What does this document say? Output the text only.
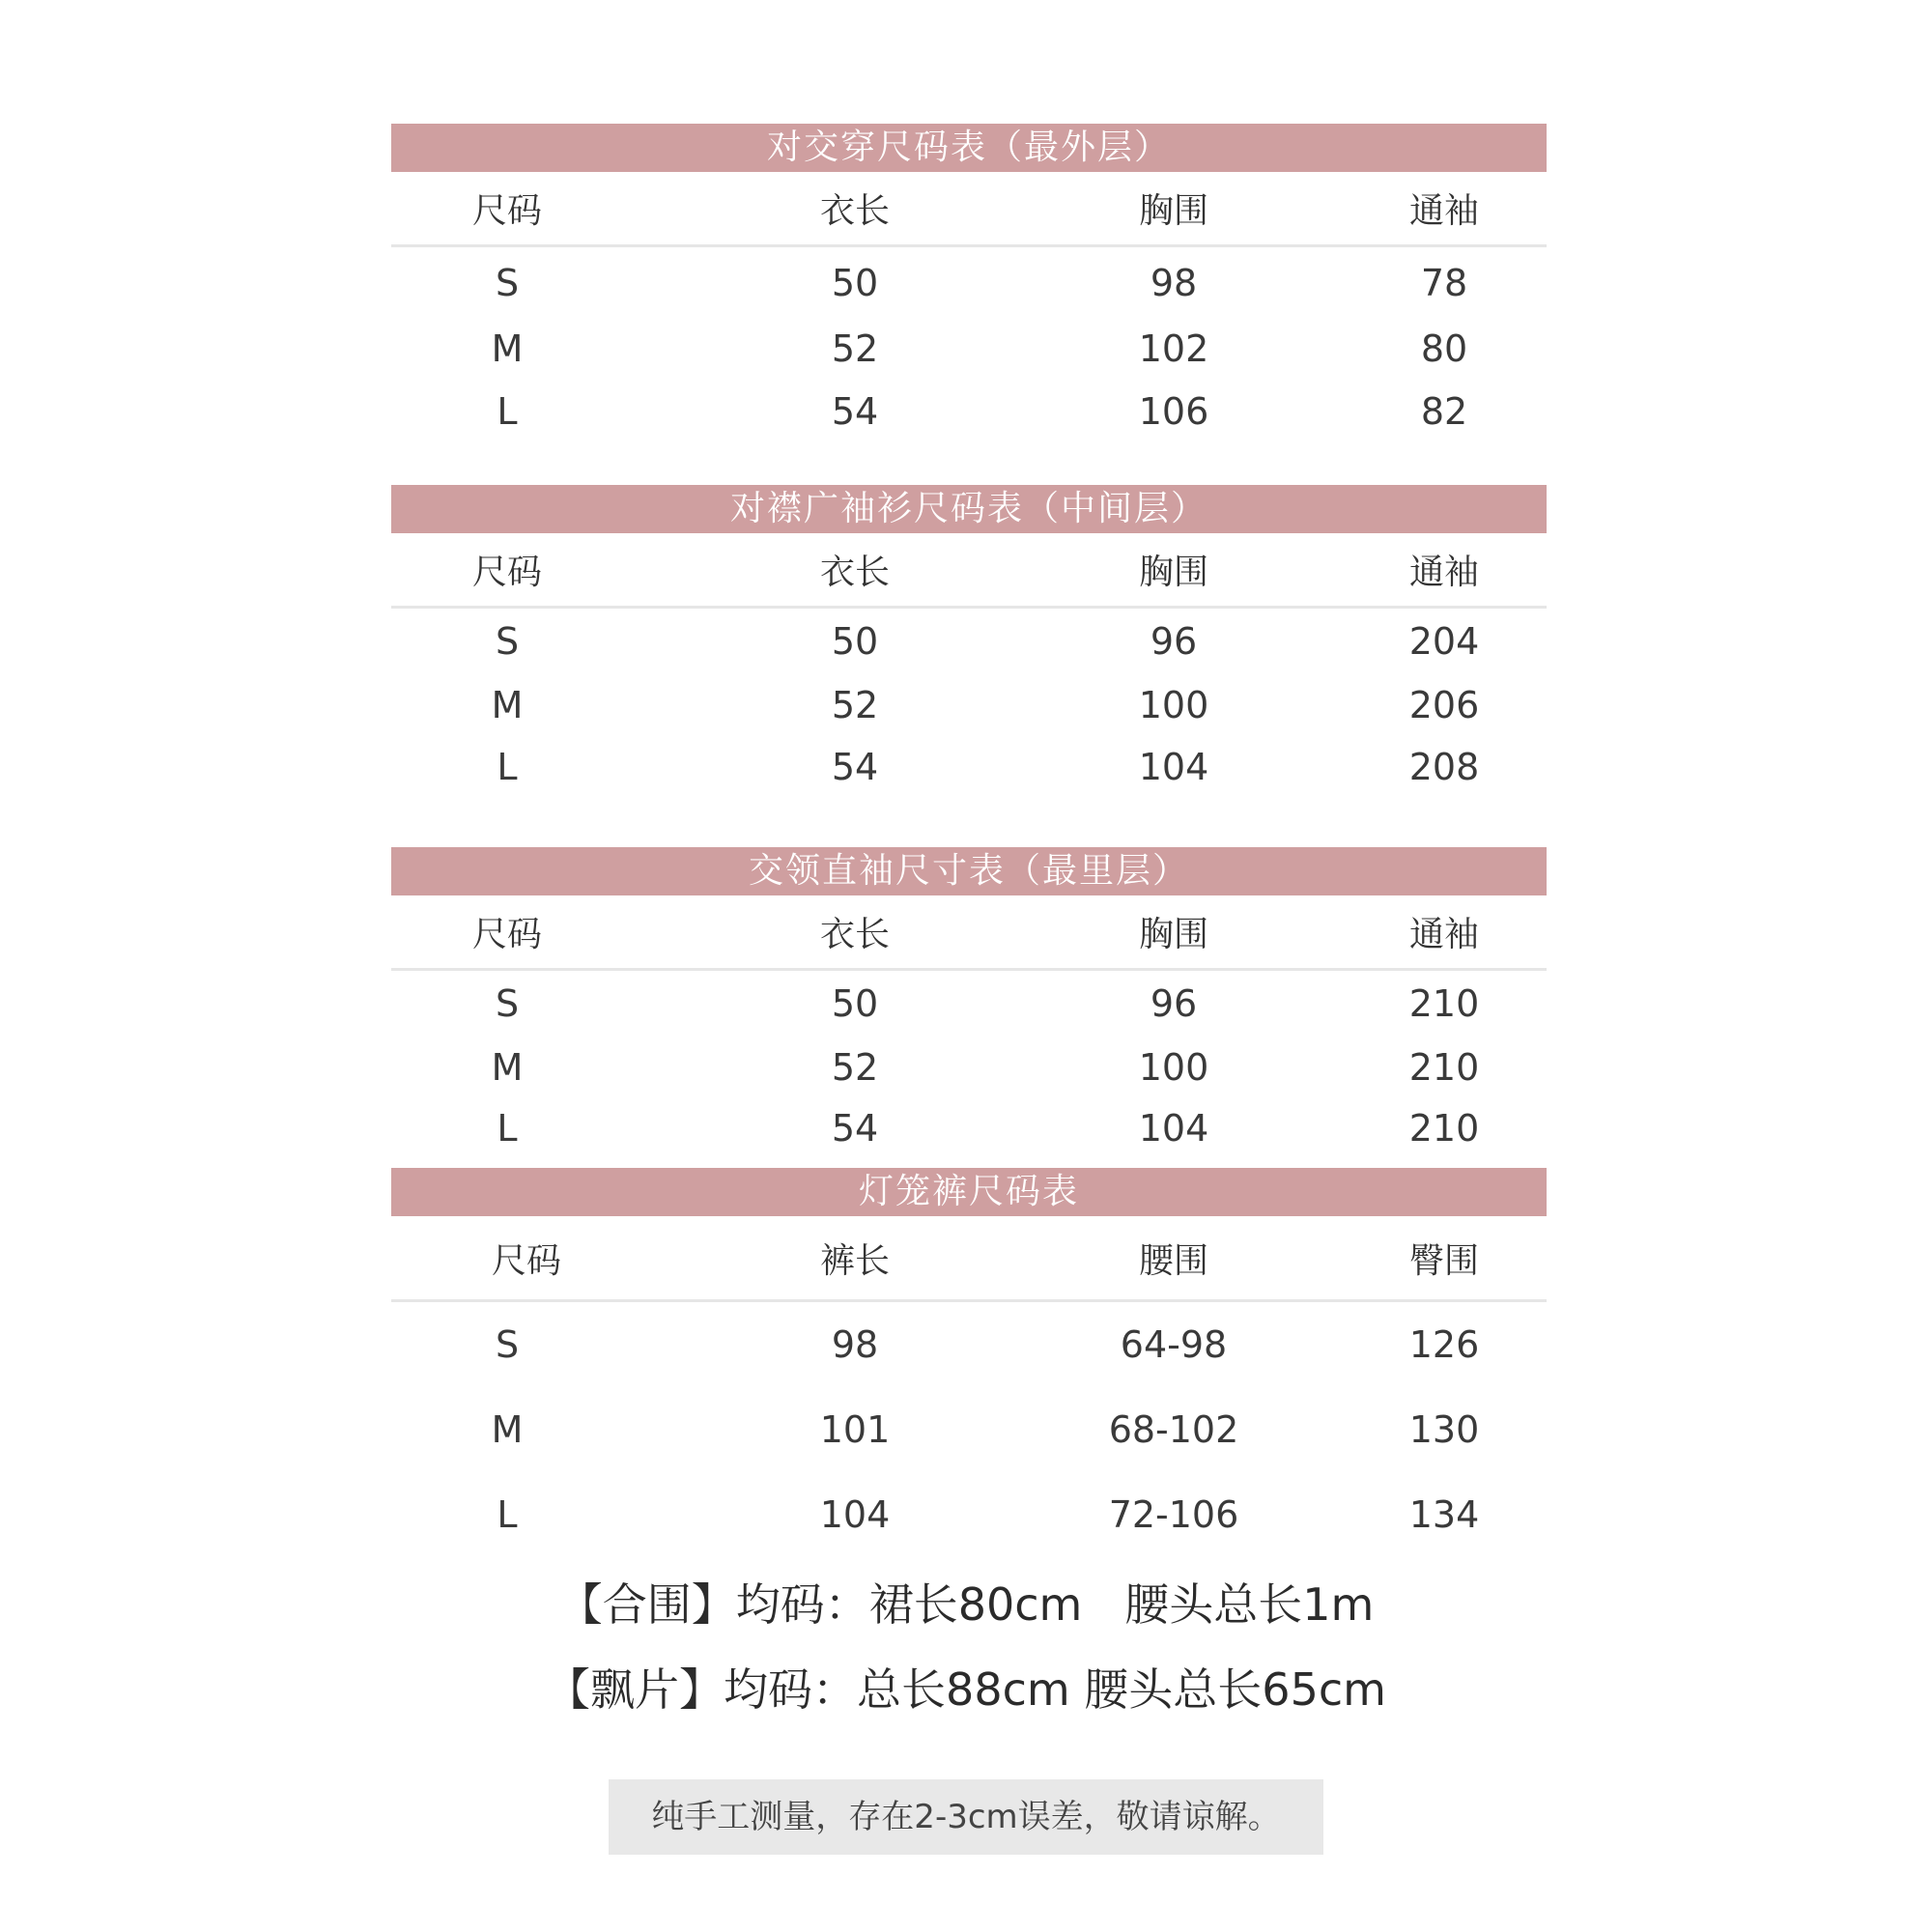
对交穿尺码表（最外层）
尺码	衣长	胸围	通袖
S	50	98	78
M	52	102	80
L	54	106	82
对襟广袖衫尺码表（中间层）
尺码	衣长	胸围	通袖
S	50	96	204
M	52	100	206
L	54	104	208
交领直袖尺寸表（最里层）
尺码	衣长	胸围	通袖
S	50	96	210
M	52	100	210
L	54	104	210
灯笼裤尺码表
尺码	裤长	腰围	臀围
S	98	64-98	126
M	101	68-102	130
L	104	72-106	134
【合围】均码：裙长80cm   腰头总长1m
【飘片】均码：总长88cm 腰头总长65cm
纯手工测量，存在2-3cm误差，敬请谅解。
